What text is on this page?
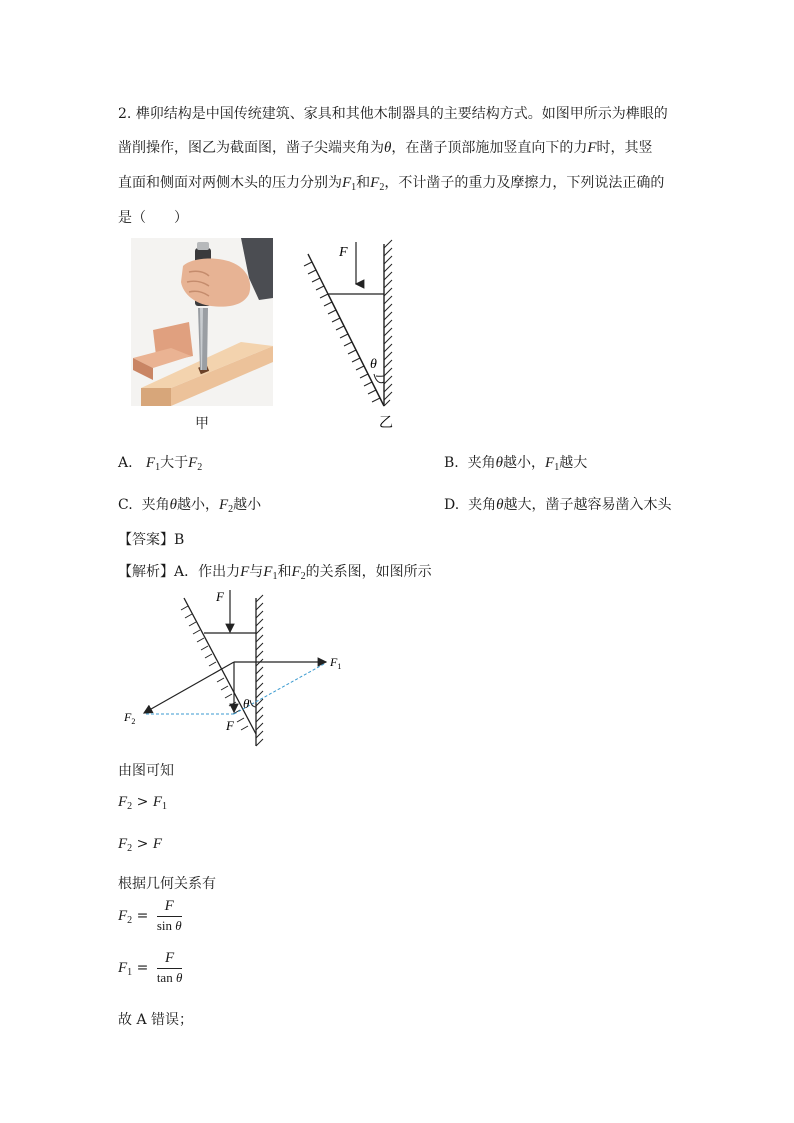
2. 榫卯结构是中国传统建筑、家具和其他木制器具的主要结构方式。如图甲所示为榫眼的
凿削操作，图乙为截面图，凿子尖端夹角为θ，在凿子顶部施加竖直向下的力F时，其竖
直面和侧面对两侧木头的压力分别为$F_1$和$F_2$，不计凿子的重力及摩擦力，下列说法正确的
是（　　）
甲
F
θ
乙
A. $F_1$大于$F_2$	B. 夹角θ越小，$F_1$越大
C. 夹角θ越小，$F_2$越小	D. 夹角θ越大，凿子越容易凿入木头
【答案】B
【解析】A．作出力F与$F_1$和$F_2$的关系图，如图所示
F
F
$F_1$
$F_2$
θ
由图可知
$F_2 > F_1$
$F_2 > F$
根据几何关系有
$F_2 = \frac{F}{\text{sin θ}}$
$F_1 = \frac{F}{\text{tan θ}}$
故 A 错误；
